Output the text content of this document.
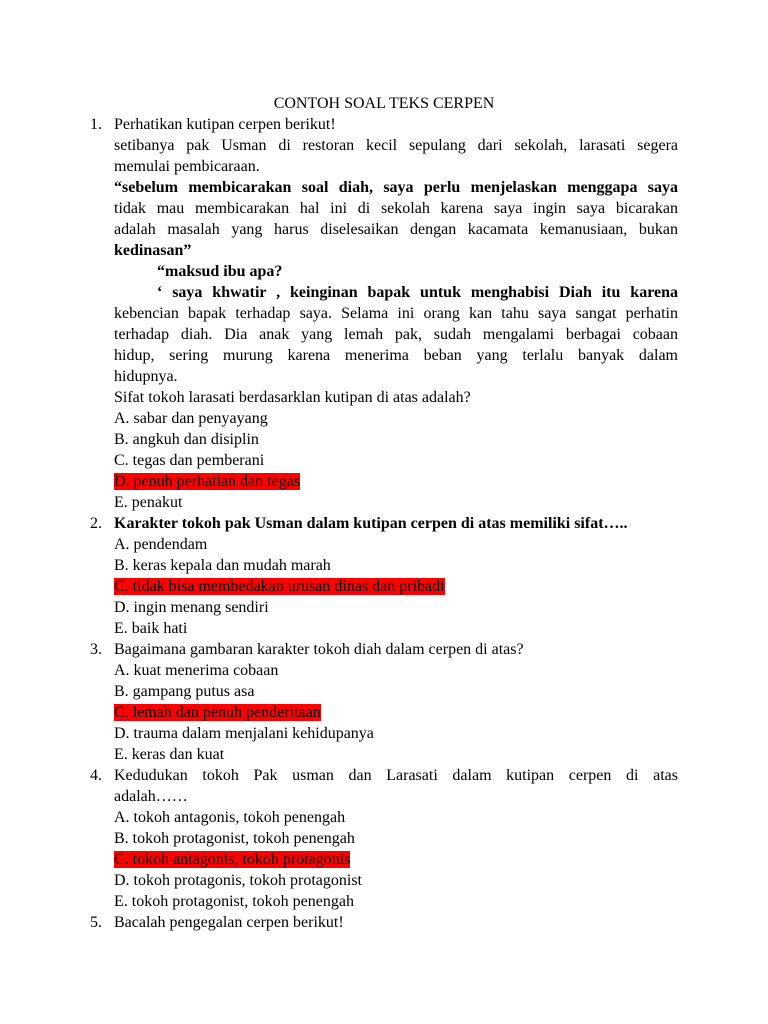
CONTOH SOAL TEKS CERPEN
1. Perhatikan kutipan cerpen berikut!
setibanya pak Usman di restoran kecil sepulang dari sekolah, larasati segera
memulai pembicaraan.
“sebelum membicarakan soal diah, saya perlu menjelaskan menggapa saya
tidak mau membicarakan hal ini di sekolah karena saya ingin saya bicarakan
adalah masalah yang harus diselesaikan dengan kacamata kemanusiaan, bukan
kedinasan”
“maksud ibu apa?
‘ saya khwatir , keinginan bapak untuk menghabisi Diah itu karena
kebencian bapak terhadap saya. Selama ini orang kan tahu saya sangat perhatin
terhadap diah. Dia anak yang lemah pak, sudah mengalami berbagai cobaan
hidup, sering murung karena menerima beban yang terlalu banyak dalam
hidupnya.
Sifat tokoh larasati berdasarklan kutipan di atas adalah?
A. sabar dan penyayang
B. angkuh dan disiplin
C. tegas dan pemberani
D. penuh perhatian dan tegas
E. penakut
2. Karakter tokoh pak Usman dalam kutipan cerpen di atas memiliki sifat…..
A. pendendam
B. keras kepala dan mudah marah
C. tidak bisa membedakan urusan dinas dan pribadi
D. ingin menang sendiri
E. baik hati
3. Bagaimana gambaran karakter tokoh diah dalam cerpen di atas?
A. kuat menerima cobaan
B. gampang putus asa
C. lemah dan penuh penderitaan
D. trauma dalam menjalani kehidupanya
E. keras dan kuat
4. Kedudukan tokoh Pak usman dan Larasati dalam kutipan cerpen di atas
adalah……
A. tokoh antagonis, tokoh penengah
B. tokoh protagonist, tokoh penengah
C. tokoh antagonis, tokoh protagonis
D. tokoh protagonis, tokoh protagonist
E. tokoh protagonist, tokoh penengah
5. Bacalah pengegalan cerpen berikut!
